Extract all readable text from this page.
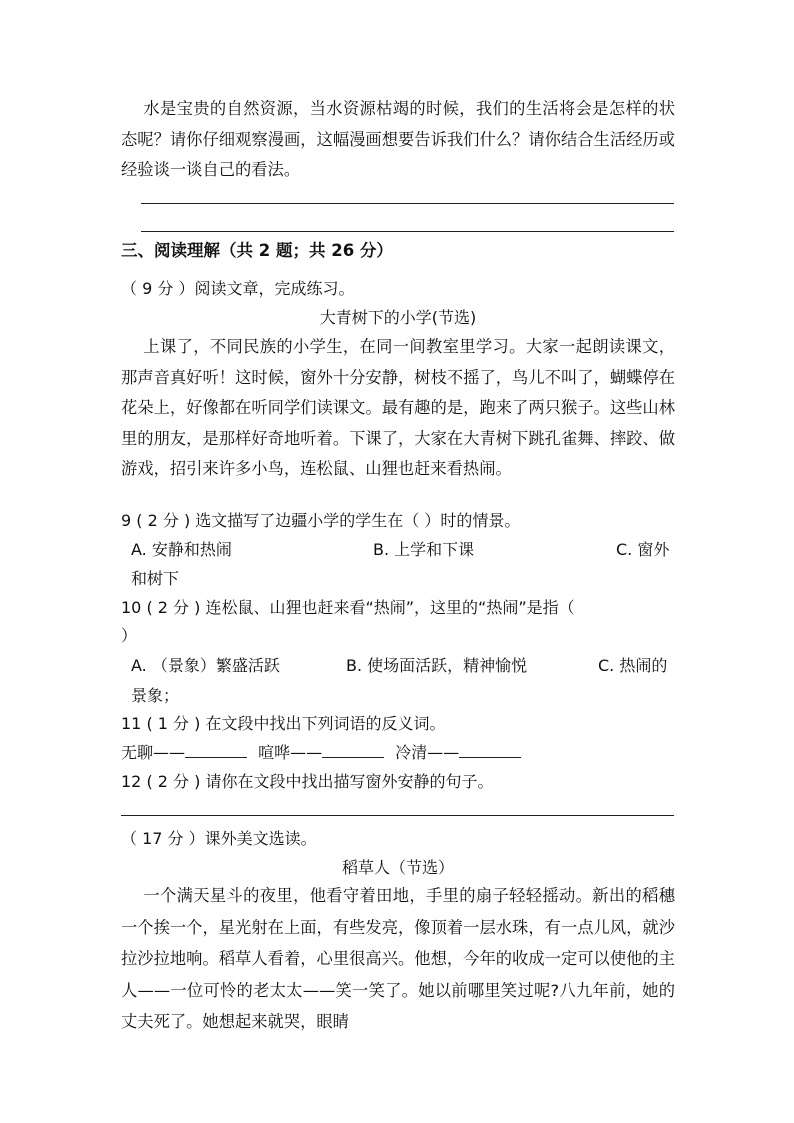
水是宝贵的自然资源，当水资源枯竭的时候，我们的生活将会是怎样的状态呢？请你仔细观察漫画，这幅漫画想要告诉我们什么？请你结合生活经历或经验谈一谈自己的看法。
三、阅读理解（共 2 题；共 26 分）
（ 9 分 ）阅读文章，完成练习。
大青树下的小学(节选)
上课了，不同民族的小学生，在同一间教室里学习。大家一起朗读课文，那声音真好听！这时候，窗外十分安静，树枝不摇了，鸟儿不叫了，蝴蝶停在花朵上，好像都在听同学们读课文。最有趣的是，跑来了两只猴子。这些山林里的朋友，是那样好奇地听着。下课了，大家在大青树下跳孔雀舞、摔跤、做游戏，招引来许多小鸟，连松鼠、山狸也赶来看热闹。
9 ( 2 分 ) 选文描写了边疆小学的学生在（ ）时的情景。
A. 安静和热闹	B. 上学和下课	C. 窗外
和树下
10 ( 2 分 ) 连松鼠、山狸也赶来看“热闹”，这里的“热闹”是指（
）
A. （景象）繁盛活跃	B. 使场面活跃，精神愉悦	C. 热闹的
景象；
11 ( 1 分 ) 在文段中找出下列词语的反义词。
无聊——	喧哗——	冷清——
12 ( 2 分 ) 请你在文段中找出描写窗外安静的句子。
（ 17 分 ）课外美文选读。
稻草人（节选）
一个满天星斗的夜里，他看守着田地，手里的扇子轻轻摇动。新出的稻穗一个挨一个，星光射在上面，有些发亮，像顶着一层水珠，有一点儿风，就沙拉沙拉地响。稻草人看着，心里很高兴。他想，今年的收成一定可以使他的主人——一位可怜的老太太——笑一笑了。她以前哪里笑过呢?八九年前，她的丈夫死了。她想起来就哭，眼睛
